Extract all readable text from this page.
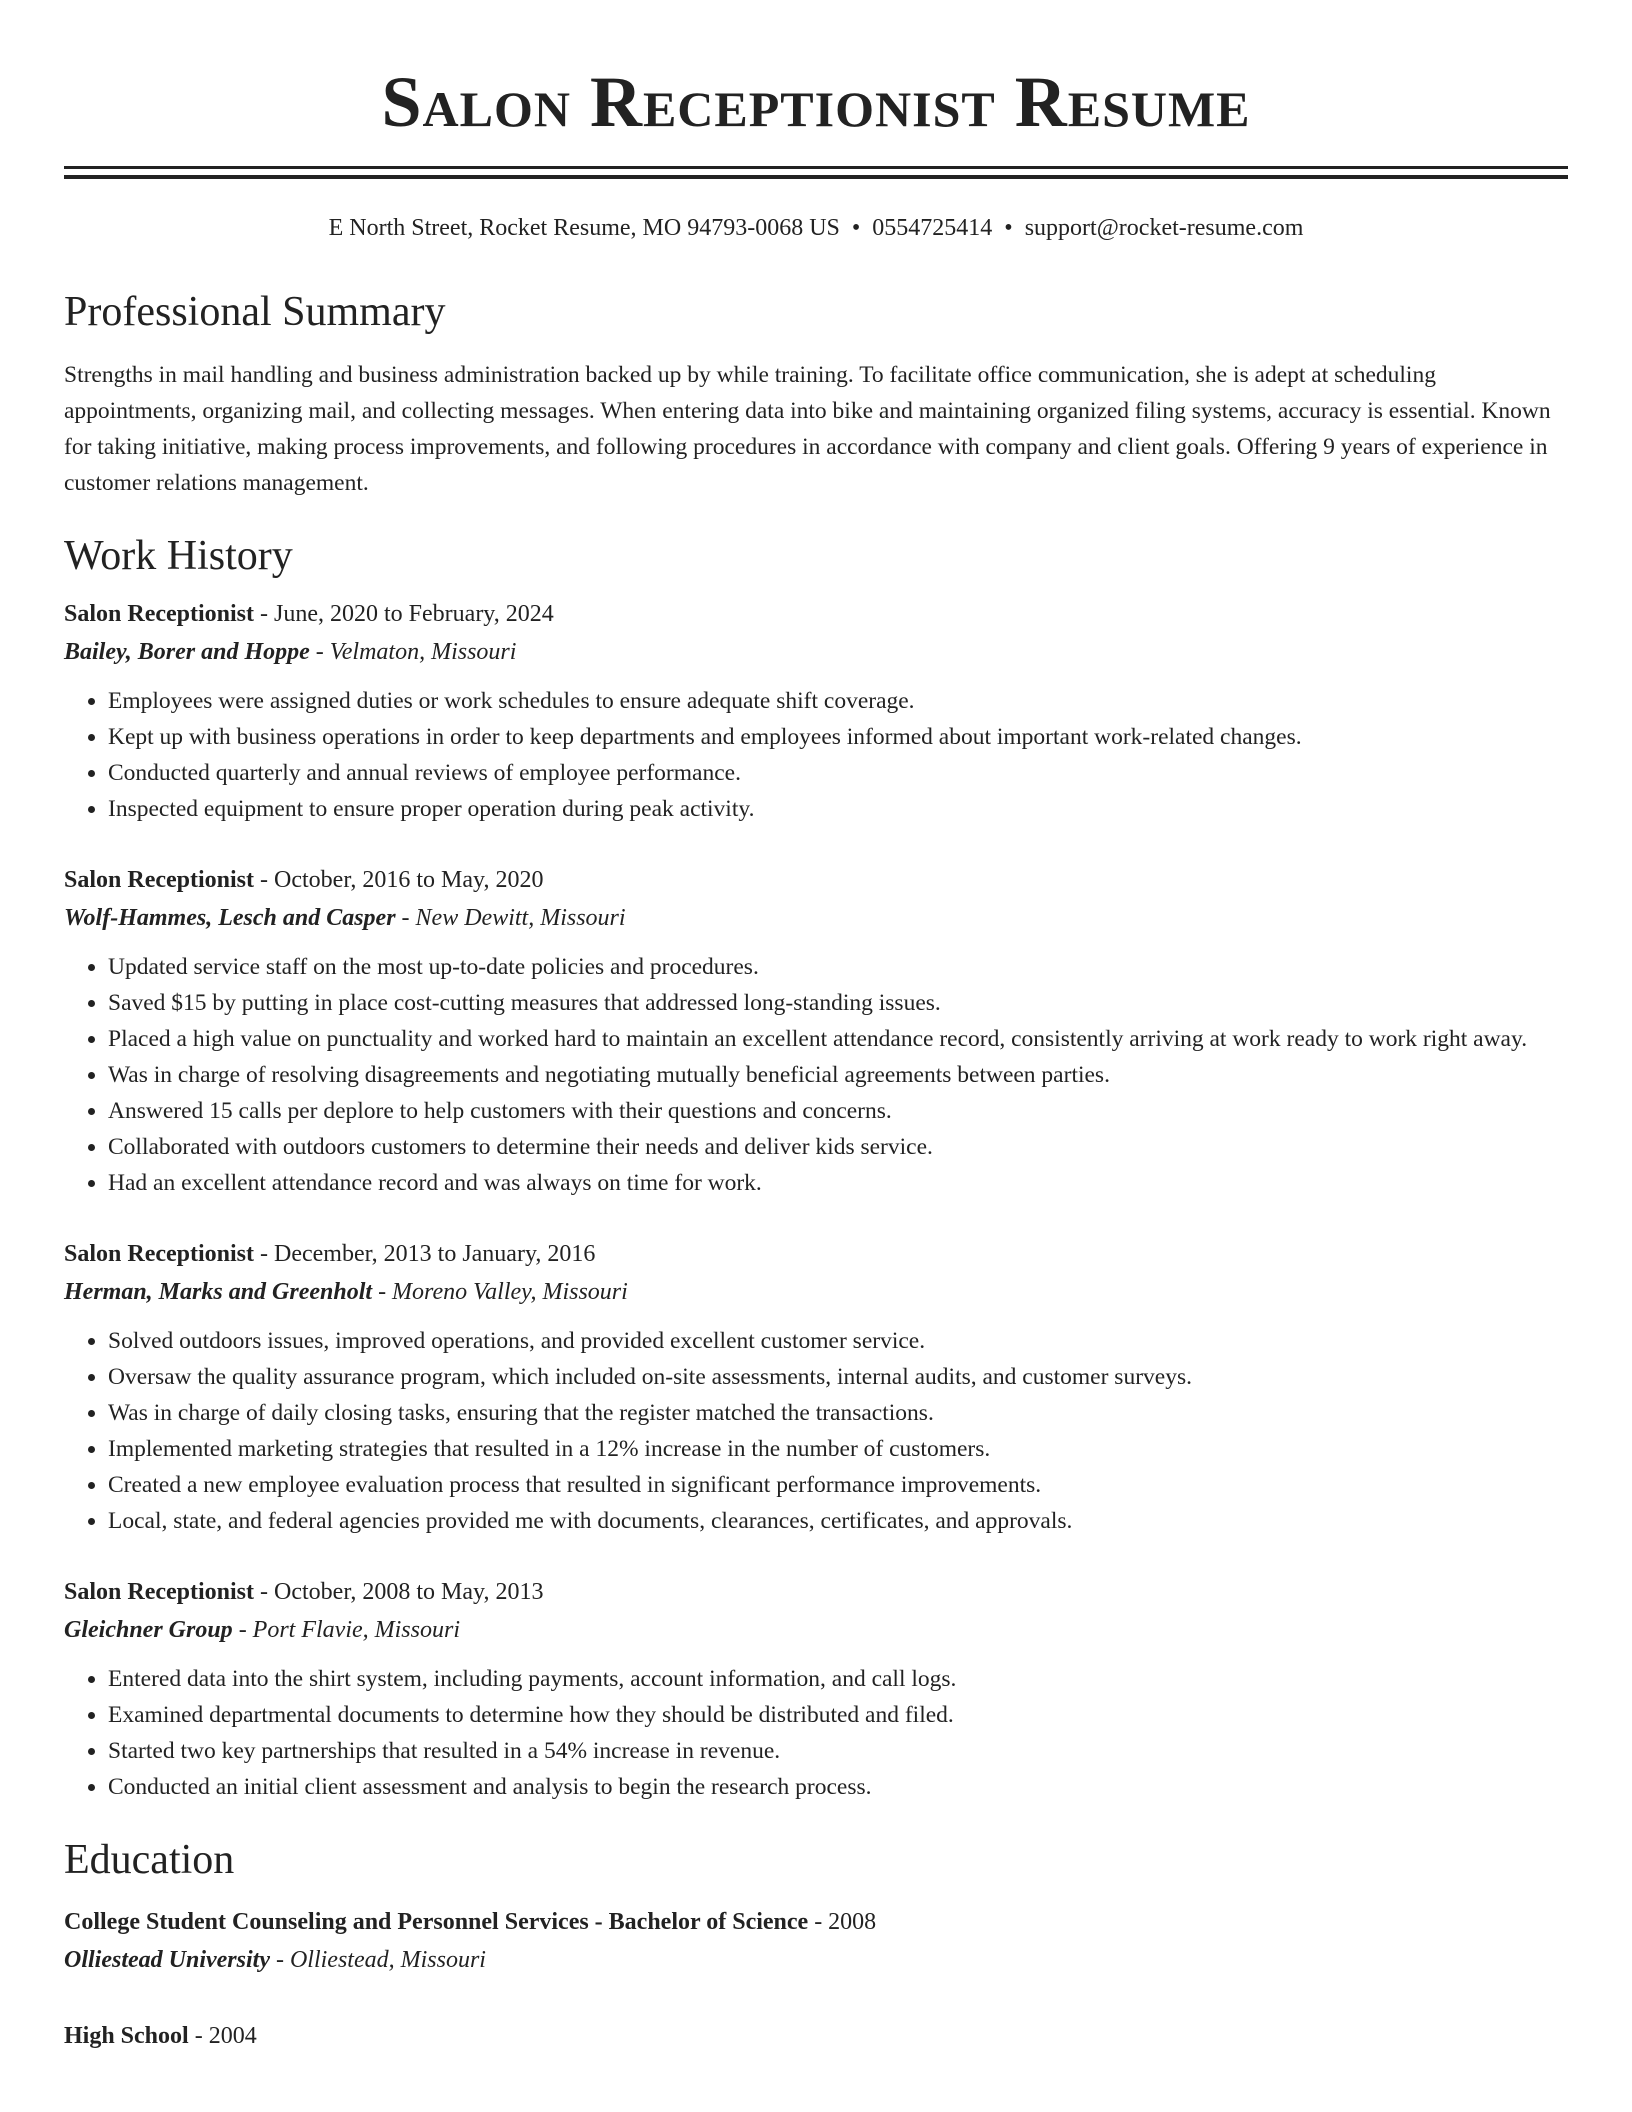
Salon Receptionist Resume
E North Street, Rocket Resume, MO 94793-0068 US • 0554725414 • support@rocket-resume.com
Professional Summary

Strengths in mail handling and business administration backed up by while training. To facilitate office communication, she is adept at scheduling appointments, organizing mail, and collecting messages. When entering data into bike and maintaining organized filing systems, accuracy is essential. Known for taking initiative, making process improvements, and following procedures in accordance with company and client goals. Offering 9 years of experience in customer relations management.

Work History
Salon Receptionist - June, 2020 to February, 2024
Bailey, Borer and Hoppe - Velmaton, Missouri
• Employees were assigned duties or work schedules to ensure adequate shift coverage.
• Kept up with business operations in order to keep departments and employees informed about important work-related changes.
• Conducted quarterly and annual reviews of employee performance.
• Inspected equipment to ensure proper operation during peak activity.
Salon Receptionist - October, 2016 to May, 2020
Wolf-Hammes, Lesch and Casper - New Dewitt, Missouri
• Updated service staff on the most up-to-date policies and procedures.
• Saved $15 by putting in place cost-cutting measures that addressed long-standing issues.
• Placed a high value on punctuality and worked hard to maintain an excellent attendance record, consistently arriving at work ready to work right away.
• Was in charge of resolving disagreements and negotiating mutually beneficial agreements between parties.
• Answered 15 calls per deplore to help customers with their questions and concerns.
• Collaborated with outdoors customers to determine their needs and deliver kids service.
• Had an excellent attendance record and was always on time for work.
Salon Receptionist - December, 2013 to January, 2016
Herman, Marks and Greenholt - Moreno Valley, Missouri
• Solved outdoors issues, improved operations, and provided excellent customer service.
• Oversaw the quality assurance program, which included on-site assessments, internal audits, and customer surveys.
• Was in charge of daily closing tasks, ensuring that the register matched the transactions.
• Implemented marketing strategies that resulted in a 12% increase in the number of customers.
• Created a new employee evaluation process that resulted in significant performance improvements.
• Local, state, and federal agencies provided me with documents, clearances, certificates, and approvals.
Salon Receptionist - October, 2008 to May, 2013
Gleichner Group - Port Flavie, Missouri
• Entered data into the shirt system, including payments, account information, and call logs.
• Examined departmental documents to determine how they should be distributed and filed.
• Started two key partnerships that resulted in a 54% increase in revenue.
• Conducted an initial client assessment and analysis to begin the research process.
Education
College Student Counseling and Personnel Services - Bachelor of Science - 2008
Olliestead University - Olliestead, Missouri
High School - 2004
